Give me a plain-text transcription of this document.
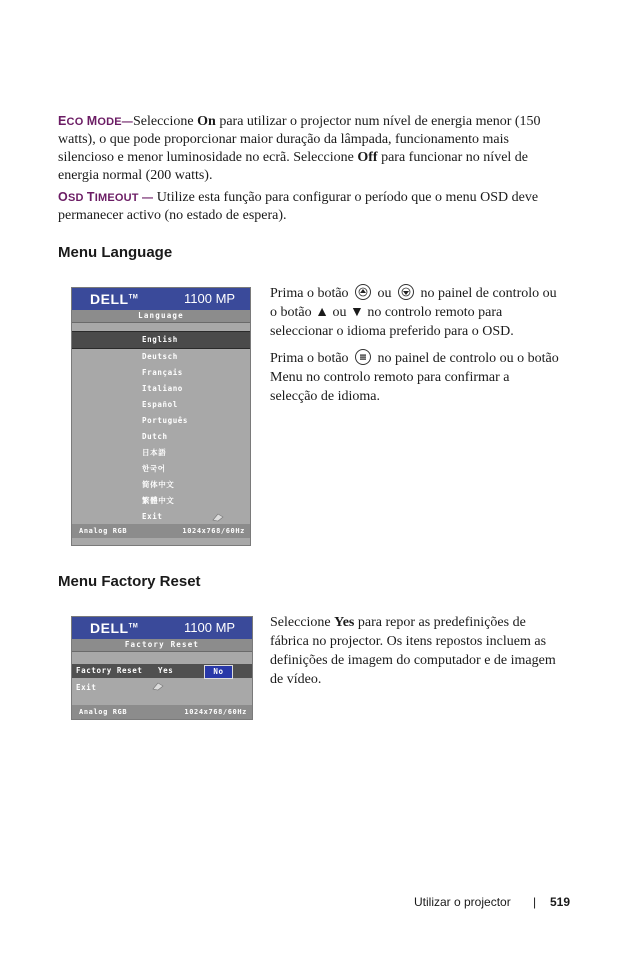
ECO MODE—Seleccione On para utilizar o projector num nível de energia menor (150 watts), o que pode proporcionar maior duração da lâmpada, funcionamento mais silencioso e menor luminosidade no ecrã. Seleccione Off para funcionar no nível de energia normal (200 watts).
OSD TIMEOUT — Utilize esta função para configurar o período que o menu OSD deve permanecer activo (no estado de espera).
Menu Language
DELL™	1100 MP
Language
English
Deutsch
Français
Italiano
Español
Português
Dutch
日本語
한국어
简体中文
繁體中文
Exit
Analog RGB	1024x768/60Hz

Prima o botão ou no painel de controlo ou o botão ▲ ou ▼ no controlo remoto para seleccionar o idioma preferido para o OSD.

Prima o botão no painel de controlo ou o botão Menu no controlo remoto para confirmar a selecção de idioma.

Menu Factory Reset
DELL™	1100 MP
Factory Reset
Factory Reset Yes	No
Exit
Analog RGB	1024x768/60Hz

Seleccione Yes para repor as predefinições de fábrica no projector. Os itens repostos incluem as definições de imagem do computador e de imagem de vídeo.

Utilizar o projector | 519
